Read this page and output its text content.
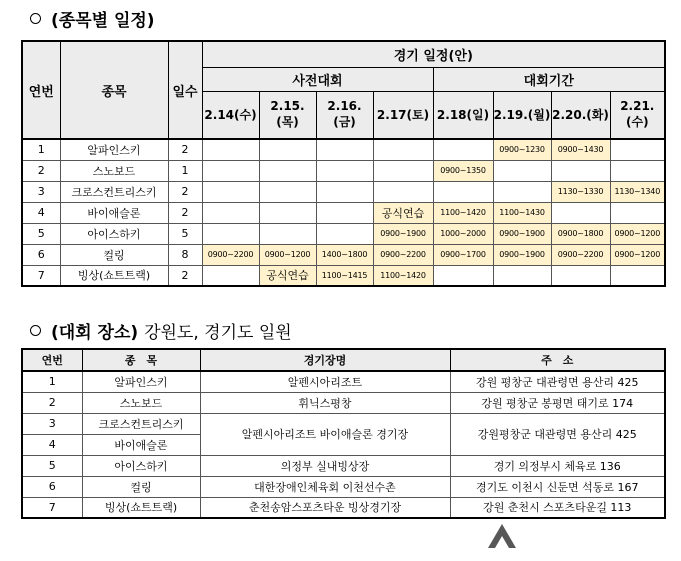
(종목별 일정)
연번	종목	일수	경기 일정(안)							
			사전대회				대회기간			
			2.14(수)	2.15.(목)	2.16.(금)	2.17(토)	2.18(일)	2.19.(월)	2.20.(화)	2.21.(수)
1	알파인스키	2						0900~1230	0900~1430	
2	스노보드	1					0900~1350			
3	크로스컨트리스키	2							1130~1330	1130~1340
4	바이애슬론	2				공식연습	1100~1420	1100~1430		
5	아이스하키	5				0900~1900	1000~2000	0900~1900	0900~1800	0900~1200
6	컬링	8	0900~2200	0900~1200	1400~1800	0900~2200	0900~1700	0900~1900	0900~2200	0900~1200
7	빙상(쇼트트랙)	2		공식연습	1100~1415	1100~1420				
(대회 장소) 강원도, 경기도 일원
연번	종　목	경기장명	주　소
1	알파인스키	알펜시아리조트	강원 평창군 대관령면 용산리 425
2	스노보드	휘닉스평창	강원 평창군 봉평면 태기로 174
3	크로스컨트리스키	알펜시아리조트 바이애슬론 경기장	강원평창군 대관령면 용산리 425
4	바이애슬론		
5	아이스하키	의정부 실내빙상장	경기 의정부시 체육로 136
6	컬링	대한장애인체육회 이천선수촌	경기도 이천시 신둔면 석동로 167
7	빙상(쇼트트랙)	춘천송암스포츠타운 빙상경기장	강원 춘천시 스포츠타운길 113
